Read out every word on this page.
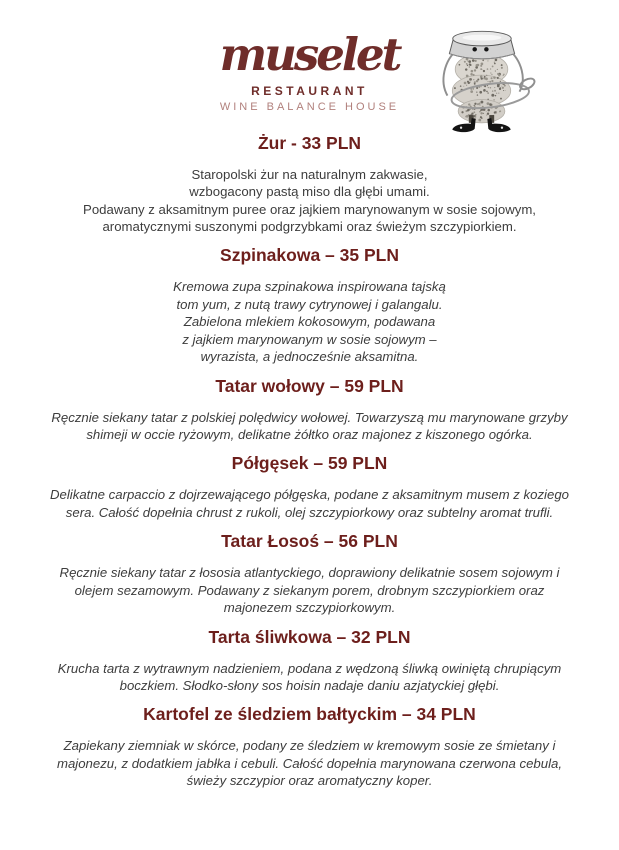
muselet
RESTAURANT
WINE BALANCE HOUSE
Żur - 33 PLN
Staropolski żur na naturalnym zakwasie,
wzbogacony pastą miso dla głębi umami.
Podawany z aksamitnym puree oraz jajkiem marynowanym w sosie sojowym,
aromatycznymi suszonymi podgrzybkami oraz świeżym szczypiorkiem.
Szpinakowa – 35 PLN
Kremowa zupa szpinakowa inspirowana tajską
tom yum, z nutą trawy cytrynowej i galangalu.
Zabielona mlekiem kokosowym, podawana
z jajkiem marynowanym w sosie sojowym –
wyrazista, a jednocześnie aksamitna.
Tatar wołowy – 59 PLN
Ręcznie siekany tatar z polskiej polędwicy wołowej. Towarzyszą mu marynowane grzyby
shimeji w occie ryżowym, delikatne żółtko oraz majonez z kiszonego ogórka.
Półgęsek – 59 PLN
Delikatne carpaccio z dojrzewającego półgęska, podane z aksamitnym musem z koziego
sera. Całość dopełnia chrust z rukoli, olej szczypiorkowy oraz subtelny aromat trufli.
Tatar Łosoś – 56 PLN
Ręcznie siekany tatar z łososia atlantyckiego, doprawiony delikatnie sosem sojowym i
olejem sezamowym. Podawany z siekanym porem, drobnym szczypiorkiem oraz
majonezem szczypiorkowym.
Tarta śliwkowa – 32 PLN
Krucha tarta z wytrawnym nadzieniem, podana z wędzoną śliwką owiniętą chrupiącym
boczkiem. Słodko-słony sos hoisin nadaje daniu azjatyckiej głębi.
Kartofel ze śledziem bałtyckim – 34 PLN
Zapiekany ziemniak w skórce, podany ze śledziem w kremowym sosie ze śmietany i
majonezu, z dodatkiem jabłka i cebuli. Całość dopełnia marynowana czerwona cebula,
świeży szczypior oraz aromatyczny koper.
